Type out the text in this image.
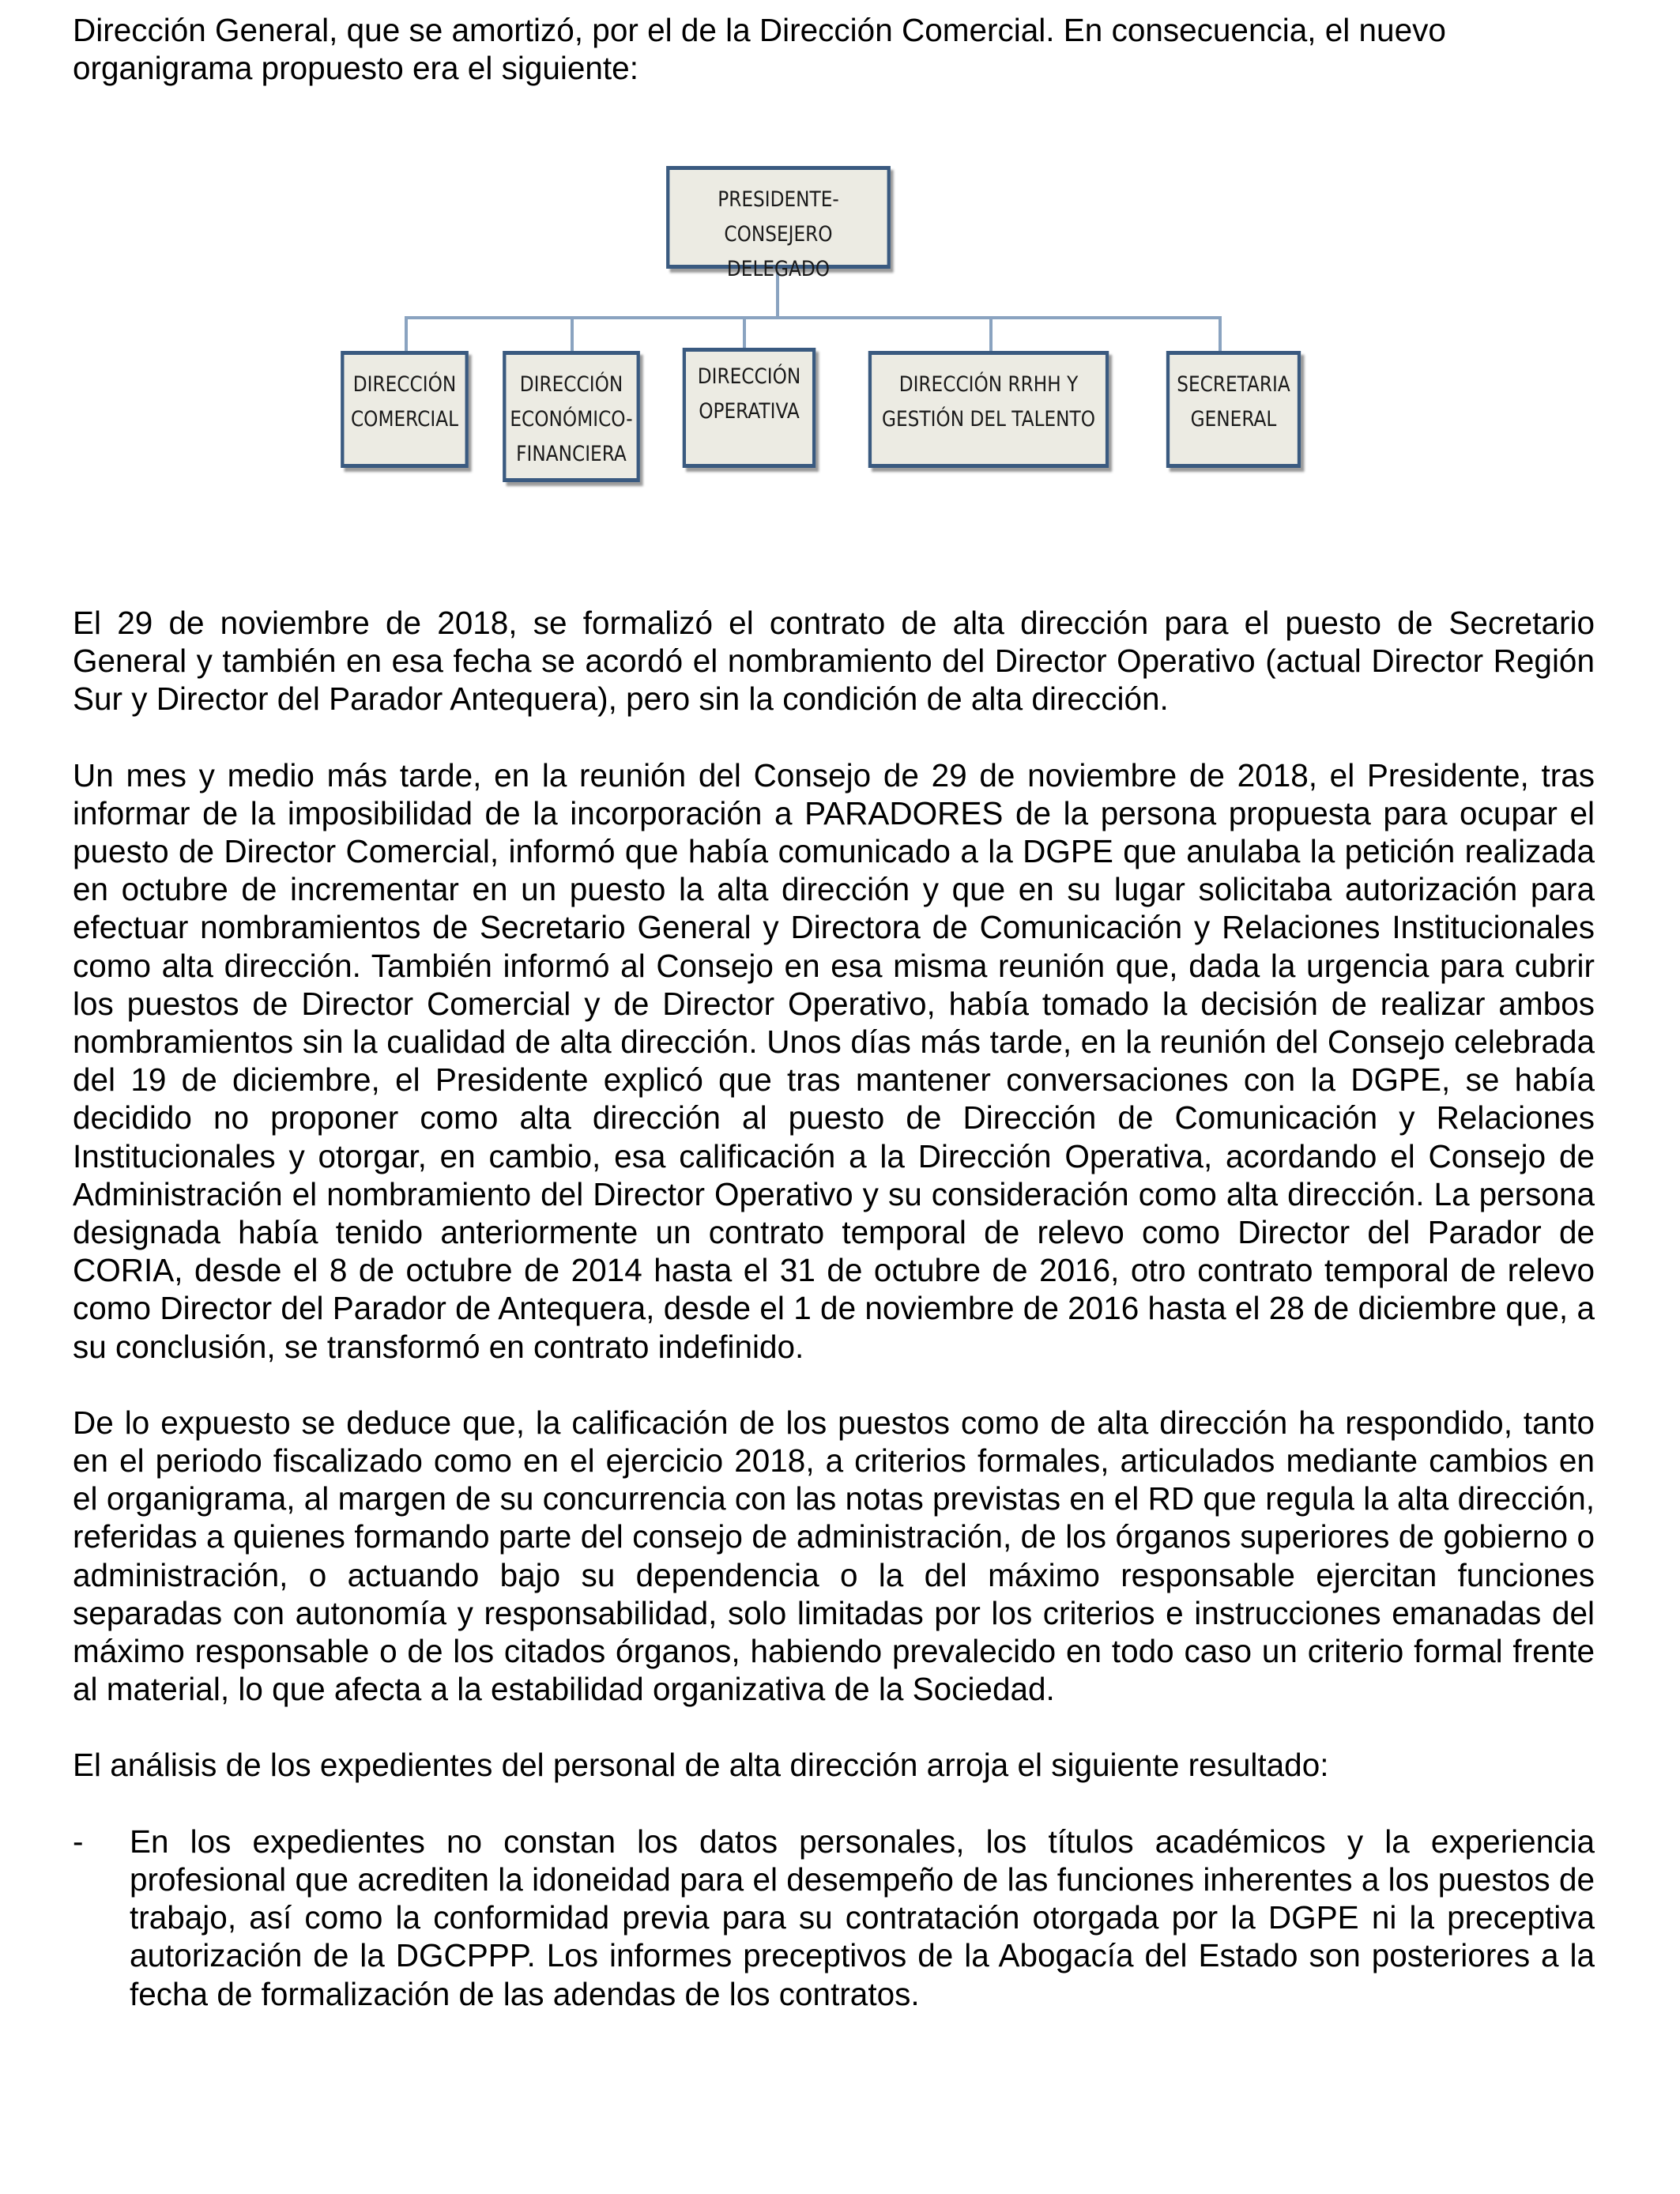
Dirección General, que se amortizó, por el de la Dirección Comercial. En consecuencia, el nuevo organigrama propuesto era el siguiente:

PRESIDENTE-CONSEJERO
DELEGADO
DIRECCIÓN
COMERCIAL
DIRECCIÓN
ECONÓMICO-
FINANCIERA
DIRECCIÓN
OPERATIVA
DIRECCIÓN RRHH Y
GESTIÓN DEL TALENTO
SECRETARIA
GENERAL

El 29 de noviembre de 2018, se formalizó el contrato de alta dirección para el puesto de Secretario General y también en esa fecha se acordó el nombramiento del Director Operativo (actual Director Región Sur y Director del Parador Antequera), pero sin la condición de alta dirección.

Un mes y medio más tarde, en la reunión del Consejo de 29 de noviembre de 2018, el Presidente, tras informar de la imposibilidad de la incorporación a PARADORES de la persona propuesta para ocupar el puesto de Director Comercial, informó que había comunicado a la DGPE que anulaba la petición realizada en octubre de incrementar en un puesto la alta dirección y que en su lugar solicitaba autorización para efectuar nombramientos de Secretario General y Directora de Comunicación y Relaciones Institucionales como alta dirección. También informó al Consejo en esa misma reunión que, dada la urgencia para cubrir los puestos de Director Comercial y de Director Operativo, había tomado la decisión de realizar ambos nombramientos sin la cualidad de alta dirección. Unos días más tarde, en la reunión del Consejo celebrada del 19 de diciembre, el Presidente explicó que tras mantener conversaciones con la DGPE, se había decidido no proponer como alta dirección al puesto de Dirección de Comunicación y Relaciones Institucionales y otorgar, en cambio, esa calificación a la Dirección Operativa, acordando el Consejo de Administración el nombramiento del Director Operativo y su consideración como alta dirección. La persona designada había tenido anteriormente un contrato temporal de relevo como Director del Parador de CORIA, desde el 8 de octubre de 2014 hasta el 31 de octubre de 2016, otro contrato temporal de relevo como Director del Parador de Antequera, desde el 1 de noviembre de 2016 hasta el 28 de diciembre que, a su conclusión, se transformó en contrato indefinido.

De lo expuesto se deduce que, la calificación de los puestos como de alta dirección ha respondido, tanto en el periodo fiscalizado como en el ejercicio 2018, a criterios formales, articulados mediante cambios en el organigrama, al margen de su concurrencia con las notas previstas en el RD que regula la alta dirección, referidas a quienes formando parte del consejo de administración, de los órganos superiores de gobierno o administración, o actuando bajo su dependencia o la del máximo responsable ejercitan funciones separadas con autonomía y responsabilidad, solo limitadas por los criterios e instrucciones emanadas del máximo responsable o de los citados órganos, habiendo prevalecido en todo caso un criterio formal frente al material, lo que afecta a la estabilidad organizativa de la Sociedad.

El análisis de los expedientes del personal de alta dirección arroja el siguiente resultado:

- En los expedientes no constan los datos personales, los títulos académicos y la experiencia profesional que acrediten la idoneidad para el desempeño de las funciones inherentes a los puestos de trabajo, así como la conformidad previa para su contratación otorgada por la DGPE ni la preceptiva autorización de la DGCPPP. Los informes preceptivos de la Abogacía del Estado son posteriores a la fecha de formalización de las adendas de los contratos.
